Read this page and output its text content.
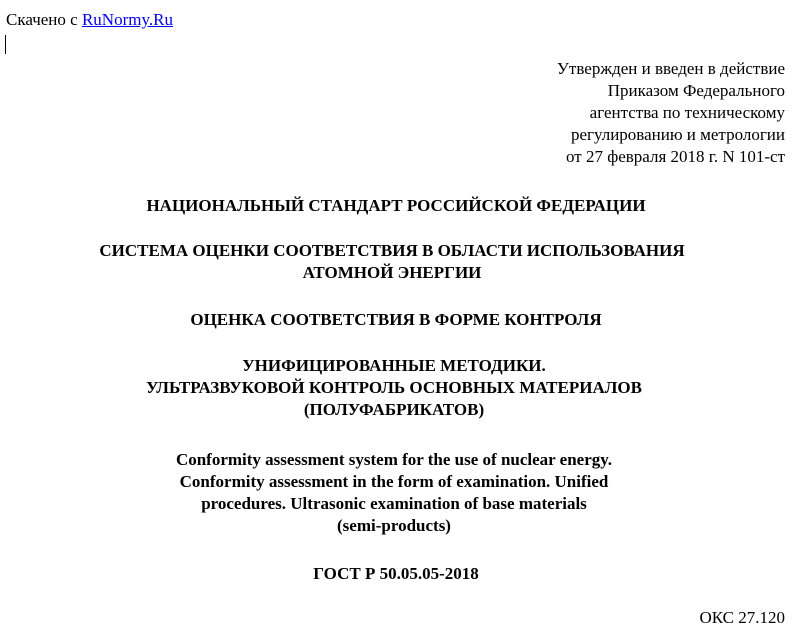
Скачено с RuNormy.Ru
Утвержден и введен в действие
Приказом Федерального
агентства по техническому
регулированию и метрологии
от 27 февраля 2018 г. N 101-ст
НАЦИОНАЛЬНЫЙ СТАНДАРТ РОССИЙСКОЙ ФЕДЕРАЦИИ
СИСТЕМА ОЦЕНКИ СООТВЕТСТВИЯ В ОБЛАСТИ ИСПОЛЬЗОВАНИЯ
АТОМНОЙ ЭНЕРГИИ
ОЦЕНКА СООТВЕТСТВИЯ В ФОРМЕ КОНТРОЛЯ
УНИФИЦИРОВАННЫЕ МЕТОДИКИ.
УЛЬТРАЗВУКОВОЙ КОНТРОЛЬ ОСНОВНЫХ МАТЕРИАЛОВ
(ПОЛУФАБРИКАТОВ)
Conformity assessment system for the use of nuclear energy.
Conformity assessment in the form of examination. Unified
procedures. Ultrasonic examination of base materials
(semi-products)
ГОСТ Р 50.05.05-2018
ОКС 27.120
